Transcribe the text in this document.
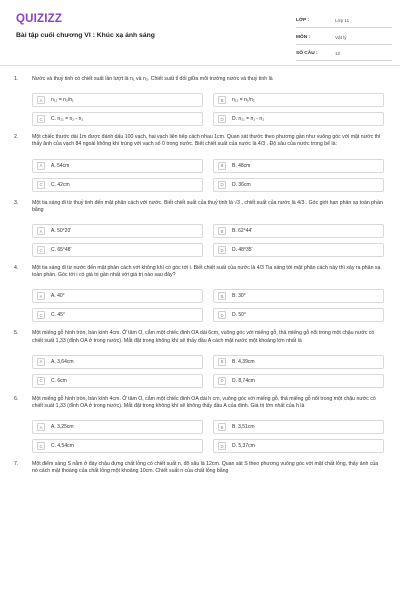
QUIZIZZ
Bài tập cuối chương VI : Khúc xạ ánh sáng
LỚP :	Lớp 11
MÔN :	Vật lý
SỐ CÂU :	12
1.	Nước và thuỷ tinh có chiết suất lần lượt là n₁ và n₂. Chiết suất tỉ đối giữa môi trường nước và thuỷ tinh là
A	n₁₂ = n₂/n₁	B	n₁₂ = n₁/n₂
C	C. n₂₁ = n₂ - n₁	D	D. n₂₁ = n₁ - n₂
2.	Một chiếc thước dài 1m được đánh dấu 100 vạch, hai vạch liên tiếp cách nhau 1cm. Quan sát thước theo phương gần như vuông góc với mặt nước thì thấy ảnh của vạch 84 ngoài không khí trùng với vạch số 0 trong nước. Biết chiết suất của nước là 4/3 . Độ sâu của nước trong bể là:
A	A. 54cm	B	B. 48cm
C	C. 42cm	D	D. 36cm
3.	Một tia sáng đi từ thuỷ tinh đến mặt phân cách với nước. Biết chiết suất của thuỷ tinh là √3 , chiết suất của nước là 4/3 . Góc giới hạn phản xạ toàn phần bằng
A	A. 50°20'	B	B. 62°44'
C	C. 65°48'	D	D. 48°35'
4.	Một tia sáng đi từ nước đến mặt phân cách với không khí có góc tới i. Biết chiết suất của nước là 4/3 Tia sáng tới mặt phân cách này thì xảy ra phản xạ toàn phần. Góc tới i có giá trị gần nhất với giá trị nào sau đây?
A	A. 40°	B	B. 30°
C	C. 45°	D	D. 50°
5.	Một miếng gỗ hình tròn, bán kính 4cm. Ở tâm O, cắm một chiếc đinh OA dài 6cm, vuông góc với miếng gỗ, thả miếng gỗ nổi trong một chậu nước có chiết suất 1,33 (đỉnh OA ở trong nước). Mắt đặt trong không khí sẽ thấy đầu A cách mặt nước một khoảng lớn nhất là
A	A. 3,64cm	B	B. 4,39cm
C	C. 6cm	D	D. 8,74cm
6.	Một miếng gỗ hình tròn, bán kính 4cm. Ở tâm O, cắm một chiếc đinh OA dài h cm, vuông góc với miếng gỗ, thả miếng gỗ nổi trong một chậu nước có chiết suất 1,33 (đỉnh OA ở trong nước). Mắt đặt trong không khí sẽ không thấy đầu A của đinh. Giá trị lớn nhất của h là
A	A. 3,25cm	B	B. 3,51cm
C	C. 4,54cm	D	D. 5,37cm
7.	Một điểm sáng S nằm ở đáy chậu đựng chất lỏng có chiết suất n, độ sâu là 12cm. Quan sát S theo phương vuông góc với mặt chất lỏng, thấy ảnh của nó cách mặt thoáng của chất lỏng một khoảng 10cm. Chiết suất n của chất lỏng bằng
